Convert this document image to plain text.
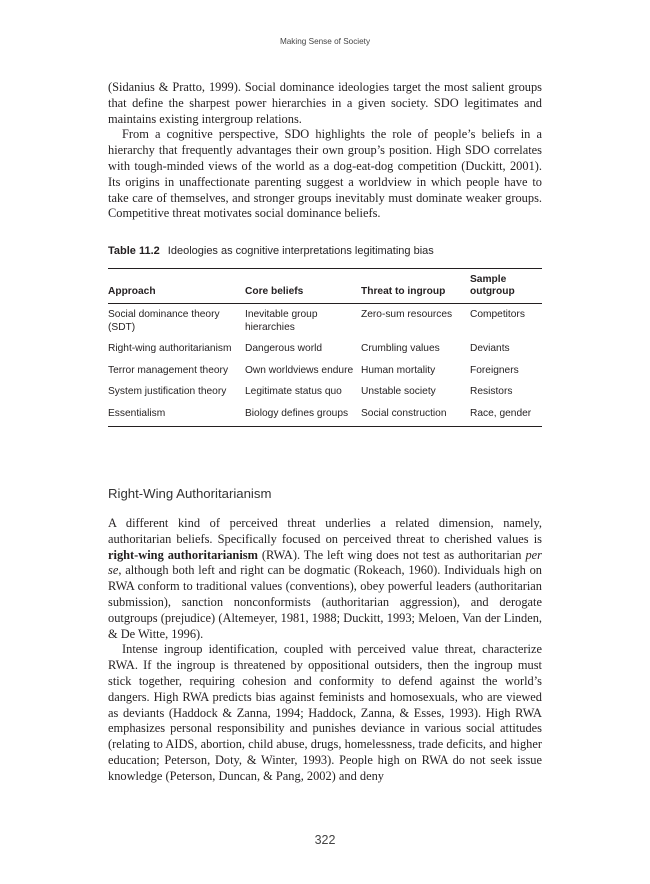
Making Sense of Society

(Sidanius & Pratto, 1999). Social dominance ideologies target the most salient groups that define the sharpest power hierarchies in a given society. SDO legitimates and maintains existing intergroup relations.

From a cognitive perspective, SDO highlights the role of people’s beliefs in a hierarchy that frequently advantages their own group’s position. High SDO correlates with tough-minded views of the world as a dog-eat-dog competition (Duckitt, 2001). Its origins in unaffectionate parenting suggest a worldview in which people have to take care of themselves, and stronger groups inevitably must dominate weaker groups. Competitive threat motivates social dominance beliefs.

Table 11.2 Ideologies as cognitive interpretations legitimating bias
Approach	Core beliefs	Threat to ingroup	Sample outgroup
Social dominance theory (SDT)	Inevitable group hierarchies	Zero-sum resources	Competitors
Right-wing authoritarianism	Dangerous world	Crumbling values	Deviants
Terror management theory	Own worldviews endure	Human mortality	Foreigners
System justification theory	Legitimate status quo	Unstable society	Resistors
Essentialism	Biology defines groups	Social construction	Race, gender
Right-Wing Authoritarianism

A different kind of perceived threat underlies a related dimension, namely, authoritarian beliefs. Specifically focused on perceived threat to cherished values is right-wing authoritarianism (RWA). The left wing does not test as authoritarian per se, although both left and right can be dogmatic (Rokeach, 1960). Individuals high on RWA conform to traditional values (conventions), obey powerful leaders (authoritarian submission), sanction nonconformists (authoritarian aggression), and derogate outgroups (prejudice) (Altemeyer, 1981, 1988; Duckitt, 1993; Meloen, Van der Linden, & De Witte, 1996).

Intense ingroup identification, coupled with perceived value threat, characterize RWA. If the ingroup is threatened by oppositional outsiders, then the ingroup must stick together, requiring cohesion and conformity to defend against the world’s dangers. High RWA predicts bias against feminists and homosexuals, who are viewed as deviants (Haddock & Zanna, 1994; Haddock, Zanna, & Esses, 1993). High RWA emphasizes personal responsibility and punishes deviance in various social attitudes (relating to AIDS, abortion, child abuse, drugs, homelessness, trade deficits, and higher education; Peterson, Doty, & Winter, 1993). People high on RWA do not seek issue knowledge (Peterson, Duncan, & Pang, 2002) and deny

322
